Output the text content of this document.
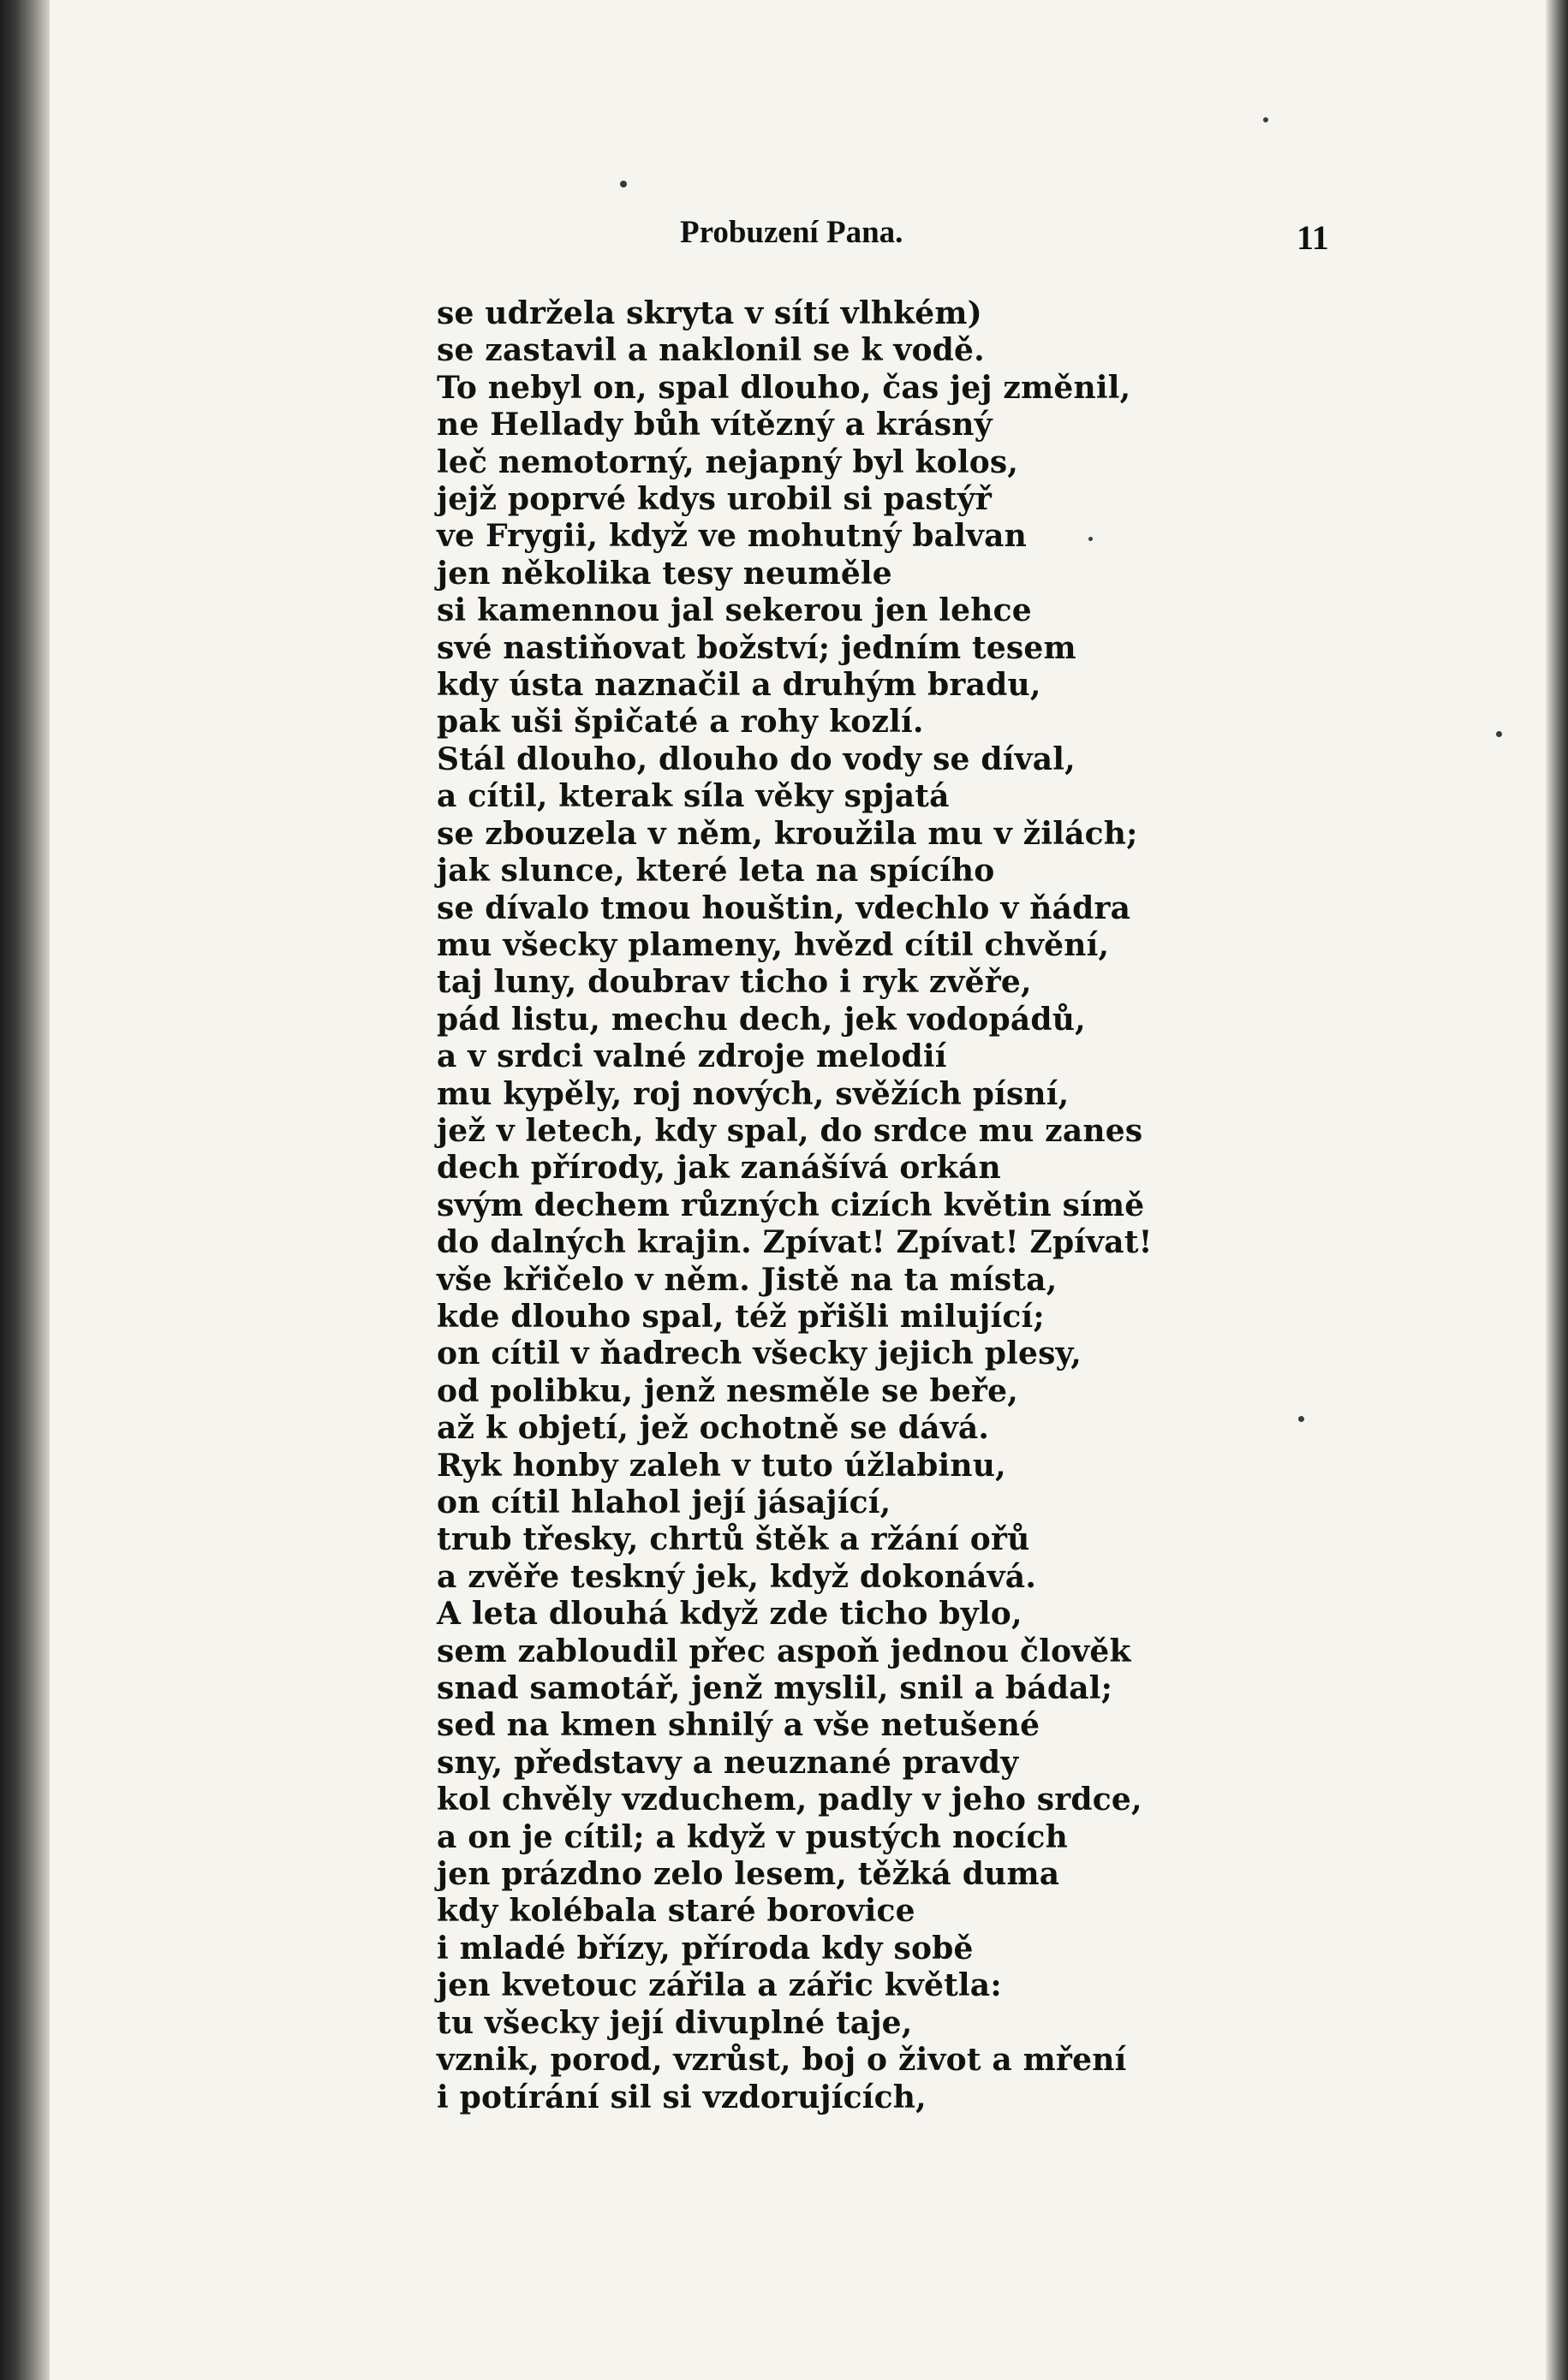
Probuzení Pana.	11
se udržela skryta v sítí vlhkém)
se zastavil a naklonil se k vodě.
To nebyl on, spal dlouho, čas jej změnil,
ne Hellady bůh vítězný a krásný
leč nemotorný, nejapný byl kolos,
jejž poprvé kdys urobil si pastýř
ve Frygii, když ve mohutný balvan
jen několika tesy neuměle
si kamennou jal sekerou jen lehce
své nastiňovat božství; jedním tesem
kdy ústa naznačil a druhým bradu,
pak uši špičaté a rohy kozlí.
Stál dlouho, dlouho do vody se díval,
a cítil, kterak síla věky spjatá
se zbouzela v něm, kroužila mu v žilách;
jak slunce, které leta na spícího
se dívalo tmou houštin, vdechlo v ňádra
mu všecky plameny, hvězd cítil chvění,
taj luny, doubrav ticho i ryk zvěře,
pád listu, mechu dech, jek vodopádů,
a v srdci valné zdroje melodií
mu kypěly, roj nových, svěžích písní,
jež v letech, kdy spal, do srdce mu zanes
dech přírody, jak zanášívá orkán
svým dechem různých cizích květin símě
do dalných krajin. Zpívat! Zpívat! Zpívat!
vše křičelo v něm. Jistě na ta místa,
kde dlouho spal, též přišli milující;
on cítil v ňadrech všecky jejich plesy,
od polibku, jenž nesměle se beře,
až k objetí, jež ochotně se dává.
Ryk honby zaleh v tuto úžlabinu,
on cítil hlahol její jásající,
trub třesky, chrtů štěk a ržání ořů
a zvěře teskný jek, když dokonává.
A leta dlouhá když zde ticho bylo,
sem zabloudil přec aspoň jednou člověk
snad samotář, jenž myslil, snil a bádal;
sed na kmen shnilý a vše netušené
sny, představy a neuznané pravdy
kol chvěly vzduchem, padly v jeho srdce,
a on je cítil; a když v pustých nocích
jen prázdno zelo lesem, těžká duma
kdy kolébala staré borovice
i mladé břízy, příroda kdy sobě
jen kvetouc zářila a zářic květla:
tu všecky její divuplné taje,
vznik, porod, vzrůst, boj o život a mření
i potírání sil si vzdorujících,
